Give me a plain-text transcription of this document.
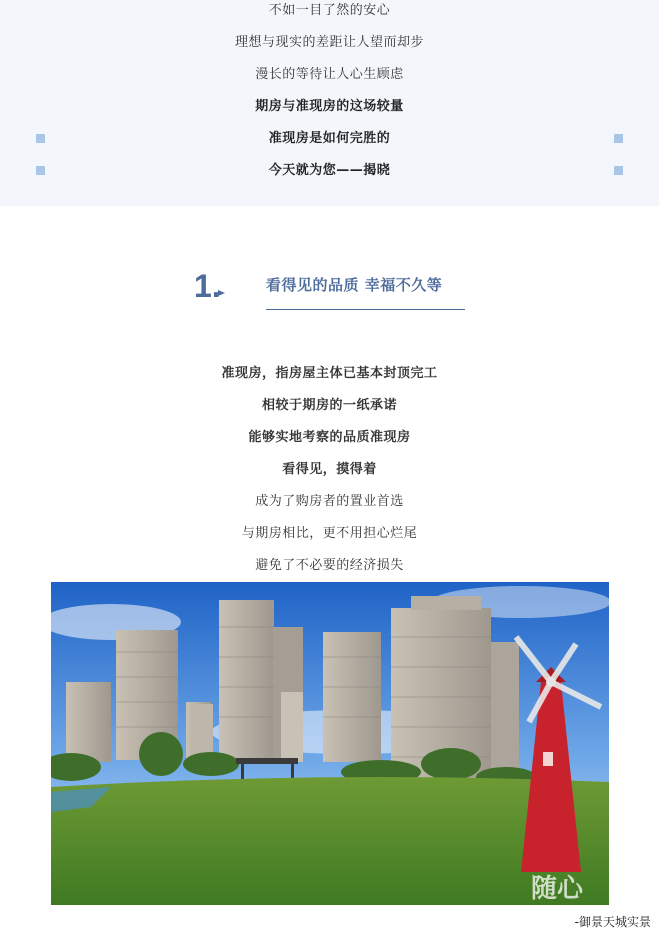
不如一目了然的安心
理想与现实的差距让人望而却步
漫长的等待让人心生顾虑
期房与准现房的这场较量
准现房是如何完胜的
今天就为您——揭晓
1.	看得见的品质 幸福不久等
准现房，指房屋主体已基本封顶完工
相较于期房的一纸承诺
能够实地考察的品质准现房
看得见，摸得着
成为了购房者的置业首选
与期房相比，更不用担心烂尾
避免了不必要的经济损失
随心
-御景天城实景
